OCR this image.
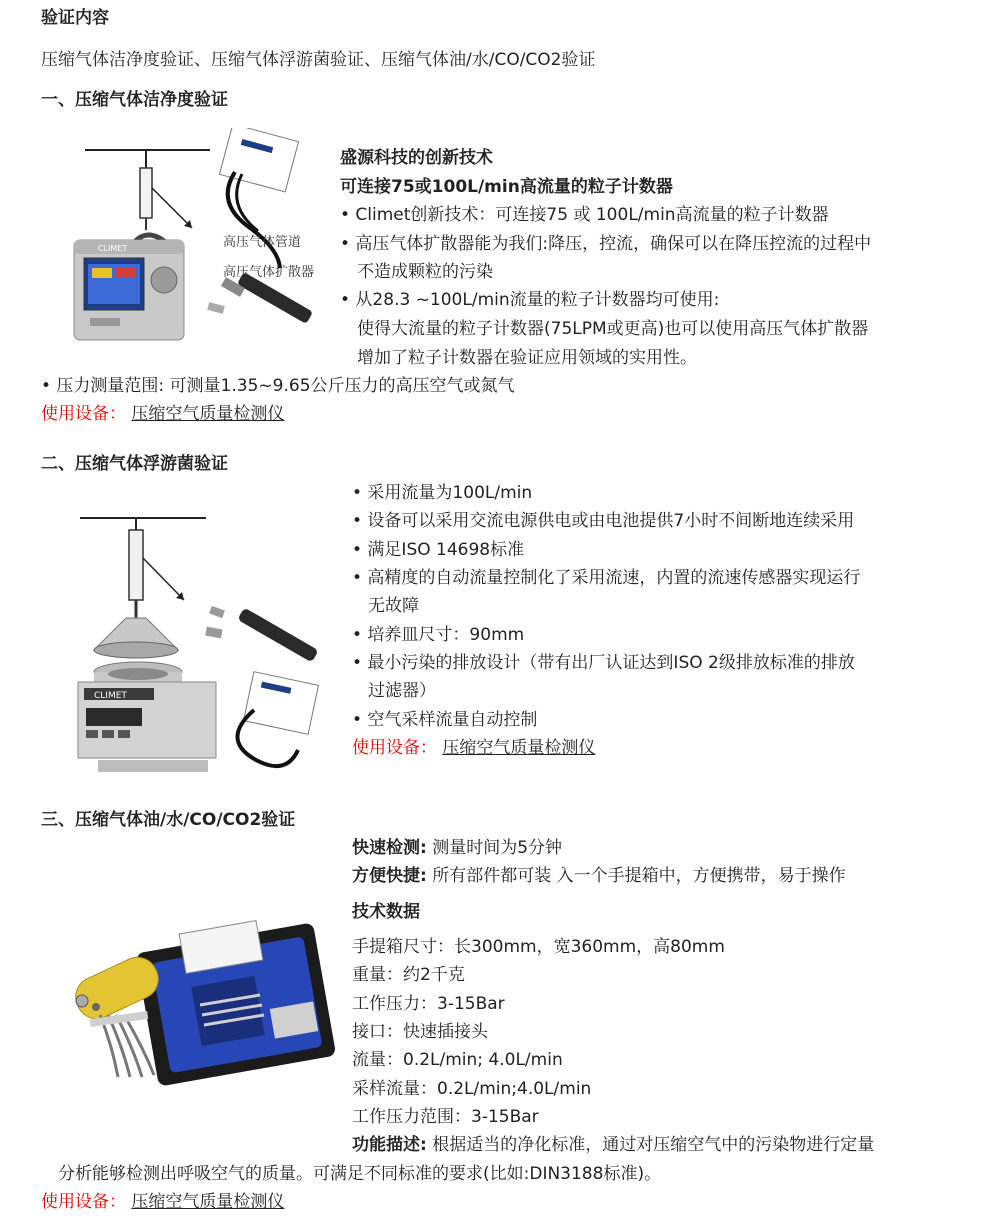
验证内容
压缩气体洁净度验证、压缩气体浮游菌验证、压缩气体油/水/CO/CO2验证
一、压缩气体洁净度验证
CLIMET	高压气体管道
高压气体扩散器
盛源科技的创新技术
可连接75或100L/min高流量的粒子计数器
• Climet创新技术：可连接75 或 100L/min高流量的粒子计数器
• 高压气体扩散器能为我们:降压，控流，确保可以在降压控流的过程中
不造成颗粒的污染
• 从28.3 ~100L/min流量的粒子计数器均可使用:
使得大流量的粒子计数器(75LPM或更高)也可以使用高压气体扩散器
增加了粒子计数器在验证应用领域的实用性。
• 压力测量范围: 可测量1.35~9.65公斤压力的高压空气或氮气
使用设备： 压缩空气质量检测仪
二、压缩气体浮游菌验证
CLIMET
• 采用流量为100L/min
• 设备可以采用交流电源供电或由电池提供7小时不间断地连续采用
• 满足ISO 14698标准
• 高精度的自动流量控制化了采用流速，内置的流速传感器实现运行
无故障
• 培养皿尺寸：90mm
• 最小污染的排放设计（带有出厂认证达到ISO 2级排放标准的排放
过滤器）
• 空气采样流量自动控制
使用设备： 压缩空气质量检测仪
三、压缩气体油/水/CO/CO2验证
快速检测: 测量时间为5分钟
方便快捷: 所有部件都可装 入一个手提箱中，方便携带，易于操作
技术数据
手提箱尺寸：长300mm，宽360mm，高80mm
重量：约2千克
工作压力：3-15Bar
接口：快速插接头
流量：0.2L/min; 4.0L/min
采样流量：0.2L/min;4.0L/min
工作压力范围：3-15Bar
功能描述: 根据适当的净化标准，通过对压缩空气中的污染物进行定量
分析能够检测出呼吸空气的质量。可满足不同标准的要求(比如:DIN3188标准)。
使用设备： 压缩空气质量检测仪
